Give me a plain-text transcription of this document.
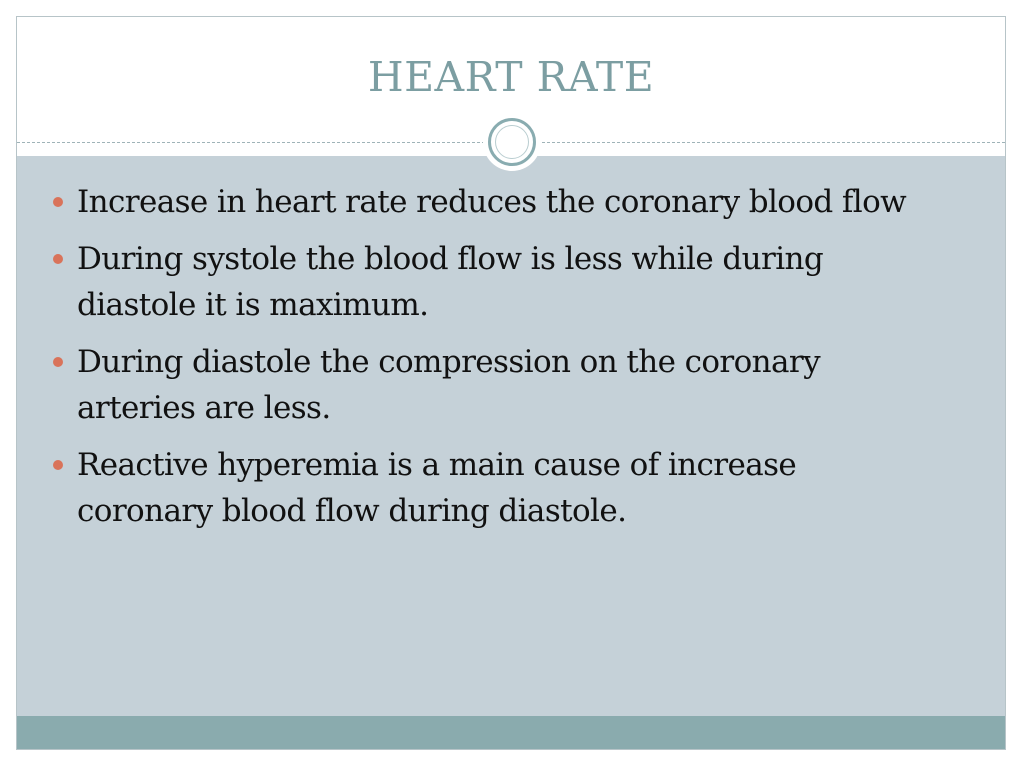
HEART RATE
Increase in heart rate reduces the coronary blood flow
During systole the blood flow is less while during diastole it is maximum.
During diastole the compression on the coronary arteries are less.
Reactive hyperemia is a main cause of increase coronary blood flow during diastole.
